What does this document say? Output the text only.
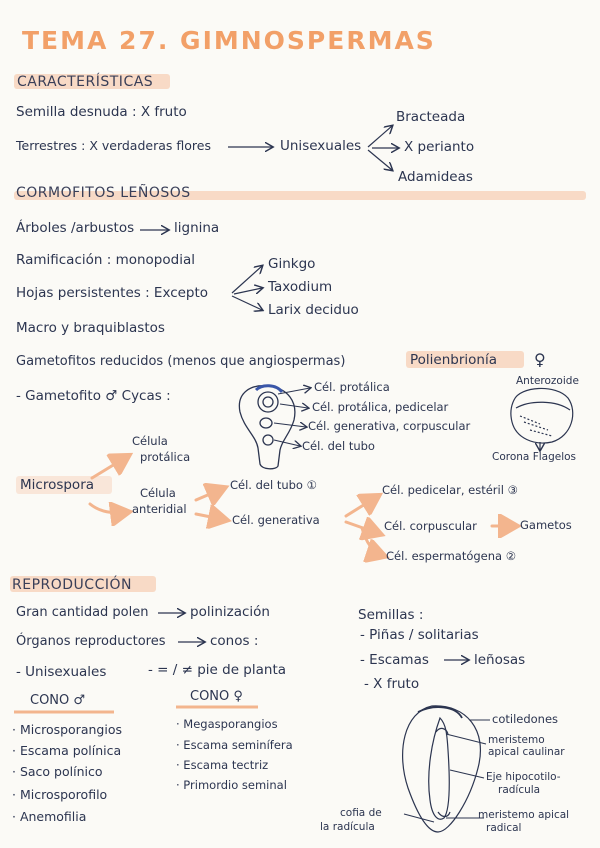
TEMA 27. GIMNOSPERMAS
CARACTERÍSTICAS
Semilla desnuda : X fruto
Terrestres : X verdaderas flores	Unisexuales
Bracteada
X perianto
Adamideas
CORMOFITOS LEÑOSOS
Árboles /arbustos	lignina
Ramificación : monopodial
Hojas persistentes : Excepto
Ginkgo
Taxodium
Larix deciduo
Macro y braquiblastos
Gametofitos reducidos (menos que angiospermas)	Polienbrionía ♀
- Gametofito ♂ Cycas :
Cél. protálica
Cél. protálica, pedicelar
Cél. generativa, corpuscular
Cél. del tubo
Anterozoide
Corona Flagelos
Microspora
Célula
protálica
Célula
anteridial
Cél. del tubo ①
Cél. generativa
Cél. pedicelar, estéril ③
Cél. corpuscular	Gametos
Cél. espermatógena ②
REPRODUCCIÓN
Gran cantidad polen	polinización
Órganos reproductores	conos :
- Unisexuales	- = / ≠ pie de planta
CONO ♂
· Microsporangios
· Escama polínica
· Saco polínico
· Microsporofilo
· Anemofilia
CONO ♀
· Megasporangios
· Escama seminífera
· Escama tectriz
· Primordio seminal
Semillas :
- Piñas / solitarias
- Escamas	leñosas
- X fruto
cotiledones
meristemo
apical caulinar
Eje hipocotilo-
radícula
cofia de
la radícula
meristemo apical
radical
